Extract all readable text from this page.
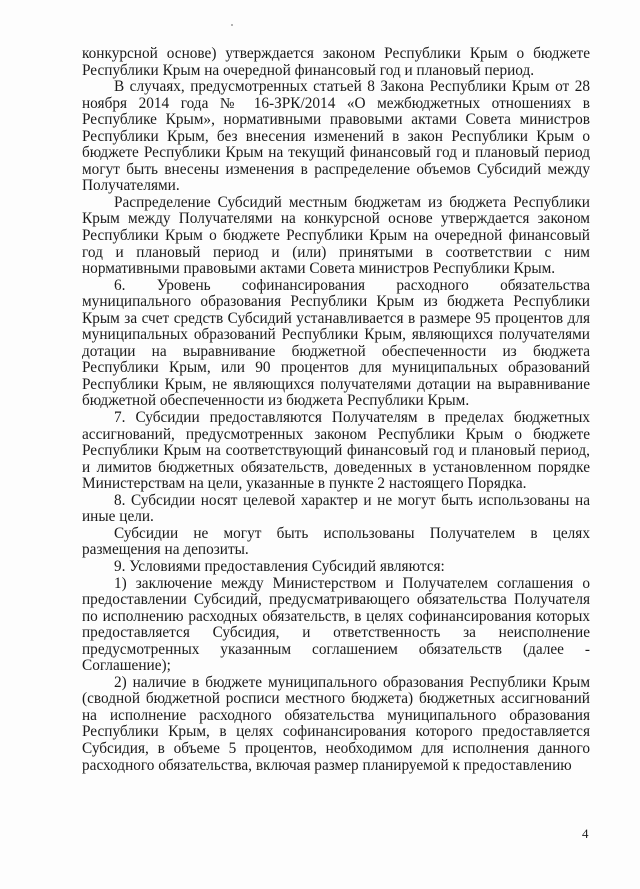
конкурсной основе) утверждается законом Республики Крым о бюджете Республики Крым на очередной финансовый год и плановый период.

В случаях, предусмотренных статьей 8 Закона Республики Крым от 28 ноября 2014 года № 16-ЗРК/2014 «О межбюджетных отношениях в Республике Крым», нормативными правовыми актами Совета министров Республики Крым, без внесения изменений в закон Республики Крым о бюджете Республики Крым на текущий финансовый год и плановый период могут быть внесены изменения в распределение объемов Субсидий между Получателями.

Распределение Субсидий местным бюджетам из бюджета Республики Крым между Получателями на конкурсной основе утверждается законом Республики Крым о бюджете Республики Крым на очередной финансовый год и плановый период и (или) принятыми в соответствии с ним нормативными правовыми актами Совета министров Республики Крым.

6. Уровень софинансирования расходного обязательства муниципального образования Республики Крым из бюджета Республики Крым за счет средств Субсидий устанавливается в размере 95 процентов для муниципальных образований Республики Крым, являющихся получателями дотации на выравнивание бюджетной обеспеченности из бюджета Республики Крым, или 90 процентов для муниципальных образований Республики Крым, не являющихся получателями дотации на выравнивание бюджетной обеспеченности из бюджета Республики Крым.

7. Субсидии предоставляются Получателям в пределах бюджетных ассигнований, предусмотренных законом Республики Крым о бюджете Республики Крым на соответствующий финансовый год и плановый период, и лимитов бюджетных обязательств, доведенных в установленном порядке Министерствам на цели, указанные в пункте 2 настоящего Порядка.

8. Субсидии носят целевой характер и не могут быть использованы на иные цели.

Субсидии не могут быть использованы Получателем в целях размещения на депозиты.

9. Условиями предоставления Субсидий являются:

1) заключение между Министерством и Получателем соглашения о предоставлении Субсидий, предусматривающего обязательства Получателя по исполнению расходных обязательств, в целях софинансирования которых предоставляется Субсидия, и ответственность за неисполнение предусмотренных указанным соглашением обязательств (далее - Соглашение);

2) наличие в бюджете муниципального образования Республики Крым (сводной бюджетной росписи местного бюджета) бюджетных ассигнований на исполнение расходного обязательства муниципального образования Республики Крым, в целях софинансирования которого предоставляется Субсидия, в объеме 5 процентов, необходимом для исполнения данного расходного обязательства, включая размер планируемой к предоставлению

4
